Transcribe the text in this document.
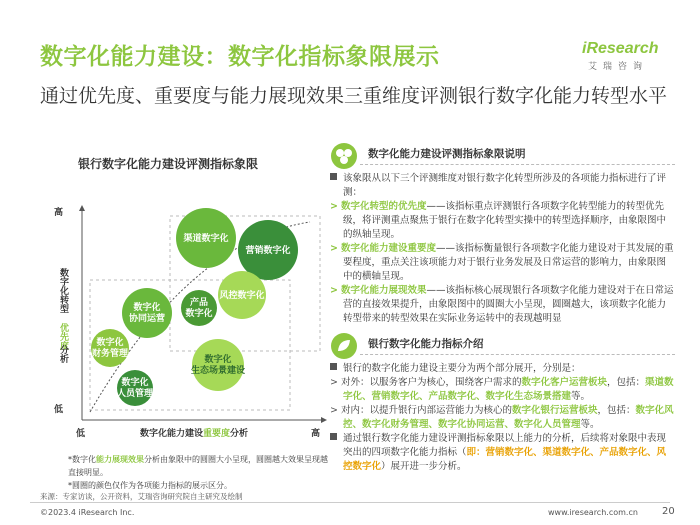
数字化能力建设：数字化指标象限展示	iResearch
艾瑞咨询
通过优先度、重要度与能力展现效果三重维度评测银行数字化能力转型水平
银行数字化能力建设评测指标象限
高
低
低	高
数字化转型
优先度
分析
数字化能力建设重要度分析
渠道数字化
营销数字化
风控数字化
产品
数字化
数字化
协同运营
数字化
财务管理
数字化
生态场景建设
数字化
人员管理
*数字化能力展现效果分析由象限中的圆圈大小呈现，圆圈越大效果呈现越直接明显。
*圆圈的颜色仅作为各项能力指标的展示区分。
数字化能力建设评测指标象限说明

该象限从以下三个评测维度对银行数字化转型所涉及的各项能力指标进行了评测：

> 数字化转型的优先度——该指标重点评测银行各项数字化转型能力的转型优先级，将评测重点聚焦于银行在数字化转型实操中的转型选择顺序，由象限图中的纵轴呈现。

> 数字化能力建设重要度——该指标衡量银行各项数字化能力建设对于其发展的重要程度，重点关注该项能力对于银行业务发展及日常运营的影响力，由象限图中的横轴呈现。

> 数字化能力展现效果——该指标核心展现银行各项数字化能力建设对于在日常运营的直接效果提升，由象限图中的圆圈大小呈现，圆圈越大，该项数字化能力转型带来的转型效果在实际业务运转中的表现越明显

银行数字化能力指标介绍

银行的数字化能力建设主要分为两个部分展开，分别是：

> 对外：以服务客户为核心，围绕客户需求的数字化客户运营板块，包括：渠道数字化、营销数字化、产品数字化、数字化生态场景搭建等。

> 对内：以提升银行内部运营能力为核心的数字化银行运营板块，包括：数字化风控、数字化财务管理、数字化协同运营、数字化人员管理等。

通过银行数字化能力建设评测指标象限以上能力的分析，后续将对象限中表现突出的四项数字化能力指标（即：营销数字化、渠道数字化、产品数字化、风控数字化）展开进一步分析。

来源：专家访谈，公开资料，艾瑞咨询研究院自主研究及绘制
©2023.4 iResearch Inc.	www.iresearch.com.cn 20
